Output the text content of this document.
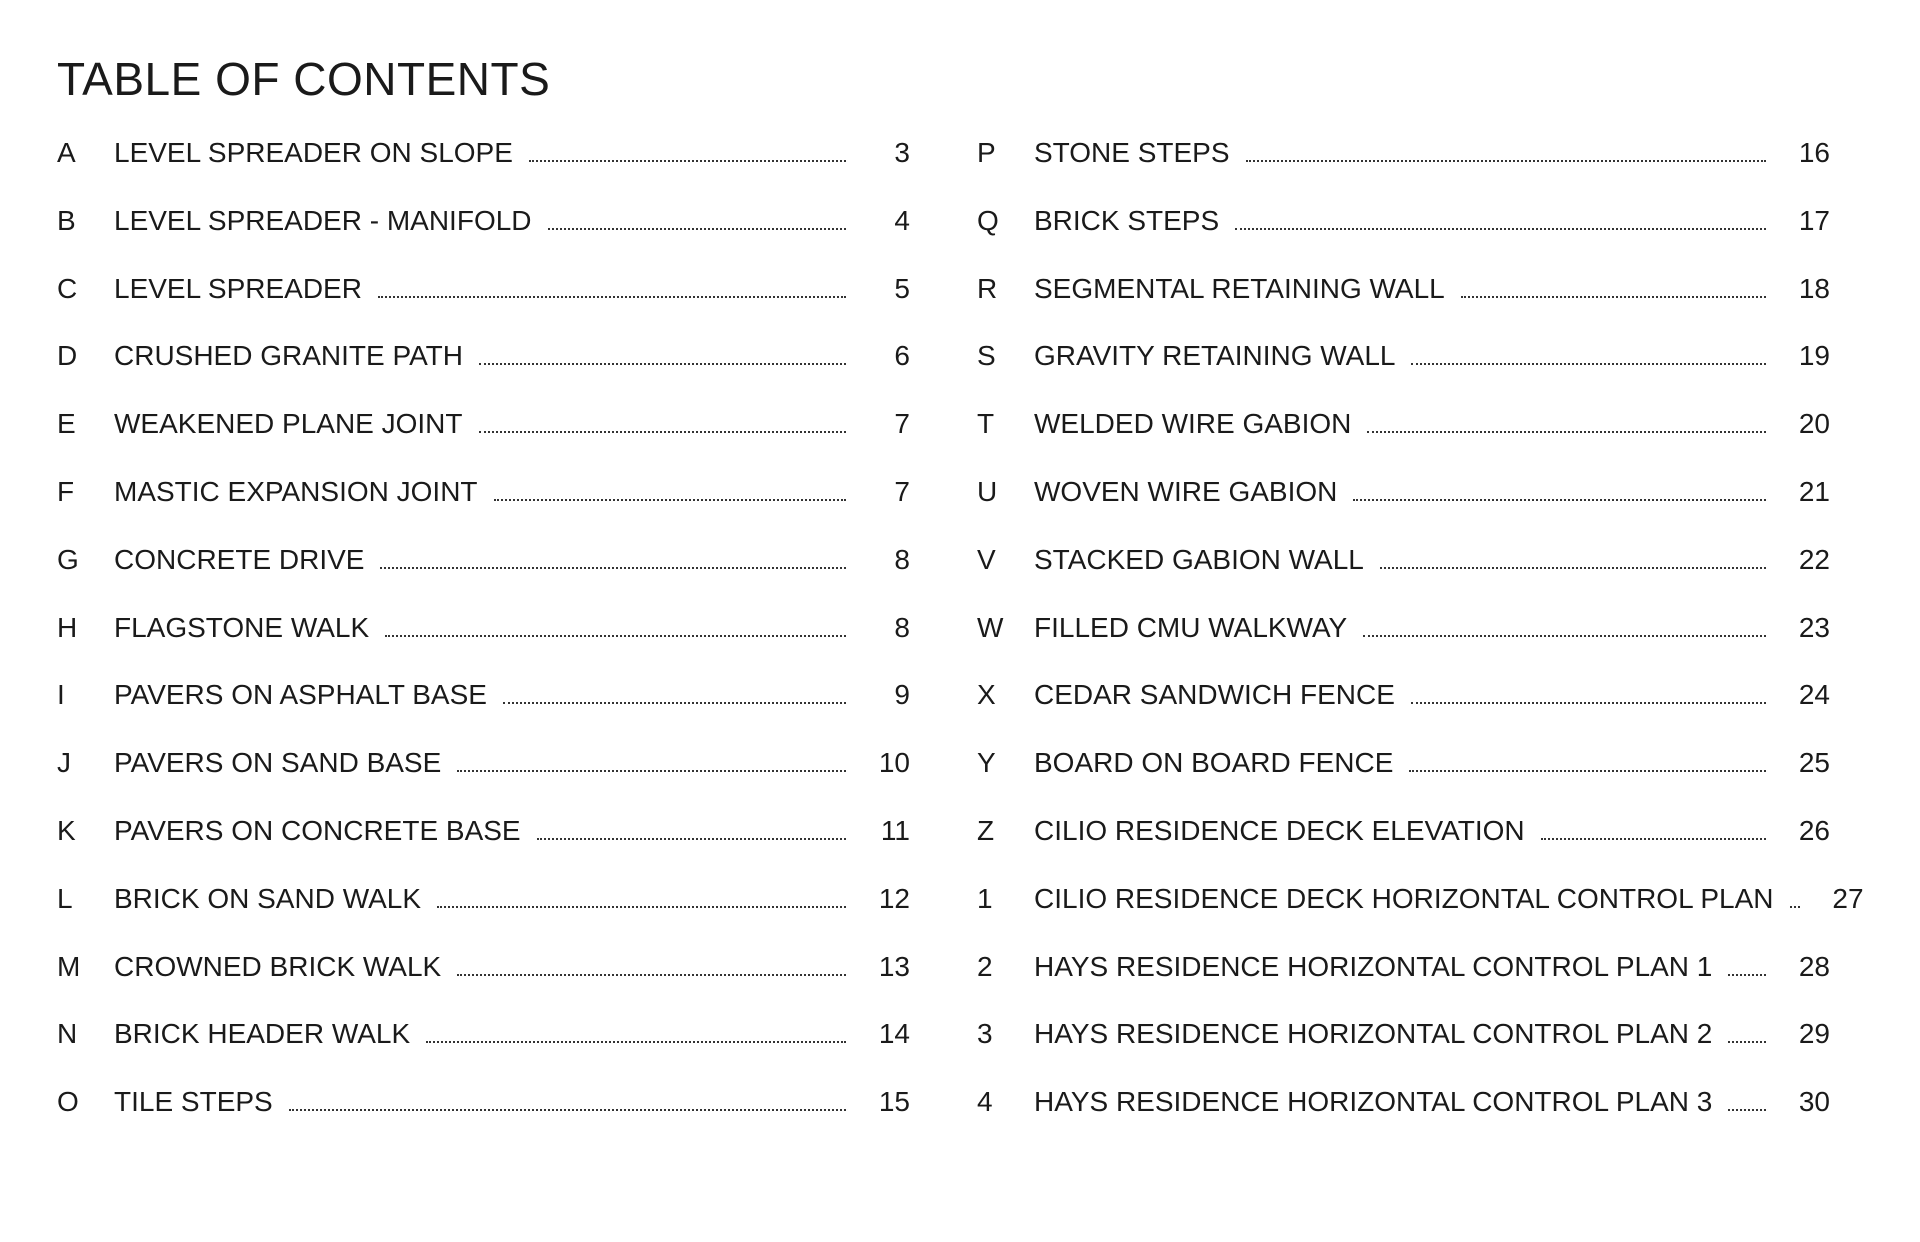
TABLE OF CONTENTS
A	LEVEL SPREADER ON SLOPE	3
B	LEVEL SPREADER - MANIFOLD	4
C	LEVEL SPREADER	5
D	CRUSHED GRANITE PATH	6
E	WEAKENED PLANE JOINT	7
F	MASTIC EXPANSION JOINT	7
G	CONCRETE DRIVE	8
H	FLAGSTONE WALK	8
I	PAVERS ON ASPHALT BASE	9
J	PAVERS ON SAND BASE	10
K	PAVERS ON CONCRETE BASE	11
L	BRICK ON SAND WALK	12
M	CROWNED BRICK WALK	13
N	BRICK HEADER WALK	14
O	TILE STEPS	15
P	STONE STEPS	16
Q	BRICK STEPS	17
R	SEGMENTAL RETAINING WALL	18
S	GRAVITY RETAINING WALL	19
T	WELDED WIRE GABION	20
U	WOVEN WIRE GABION	21
V	STACKED GABION WALL	22
W	FILLED CMU WALKWAY	23
X	CEDAR SANDWICH FENCE	24
Y	BOARD ON BOARD FENCE	25
Z	CILIO RESIDENCE DECK ELEVATION	26
1	CILIO RESIDENCE DECK HORIZONTAL CONTROL PLAN	27
2	HAYS RESIDENCE HORIZONTAL CONTROL PLAN 1	28
3	HAYS RESIDENCE HORIZONTAL CONTROL PLAN 2	29
4	HAYS RESIDENCE HORIZONTAL CONTROL PLAN 3	30
